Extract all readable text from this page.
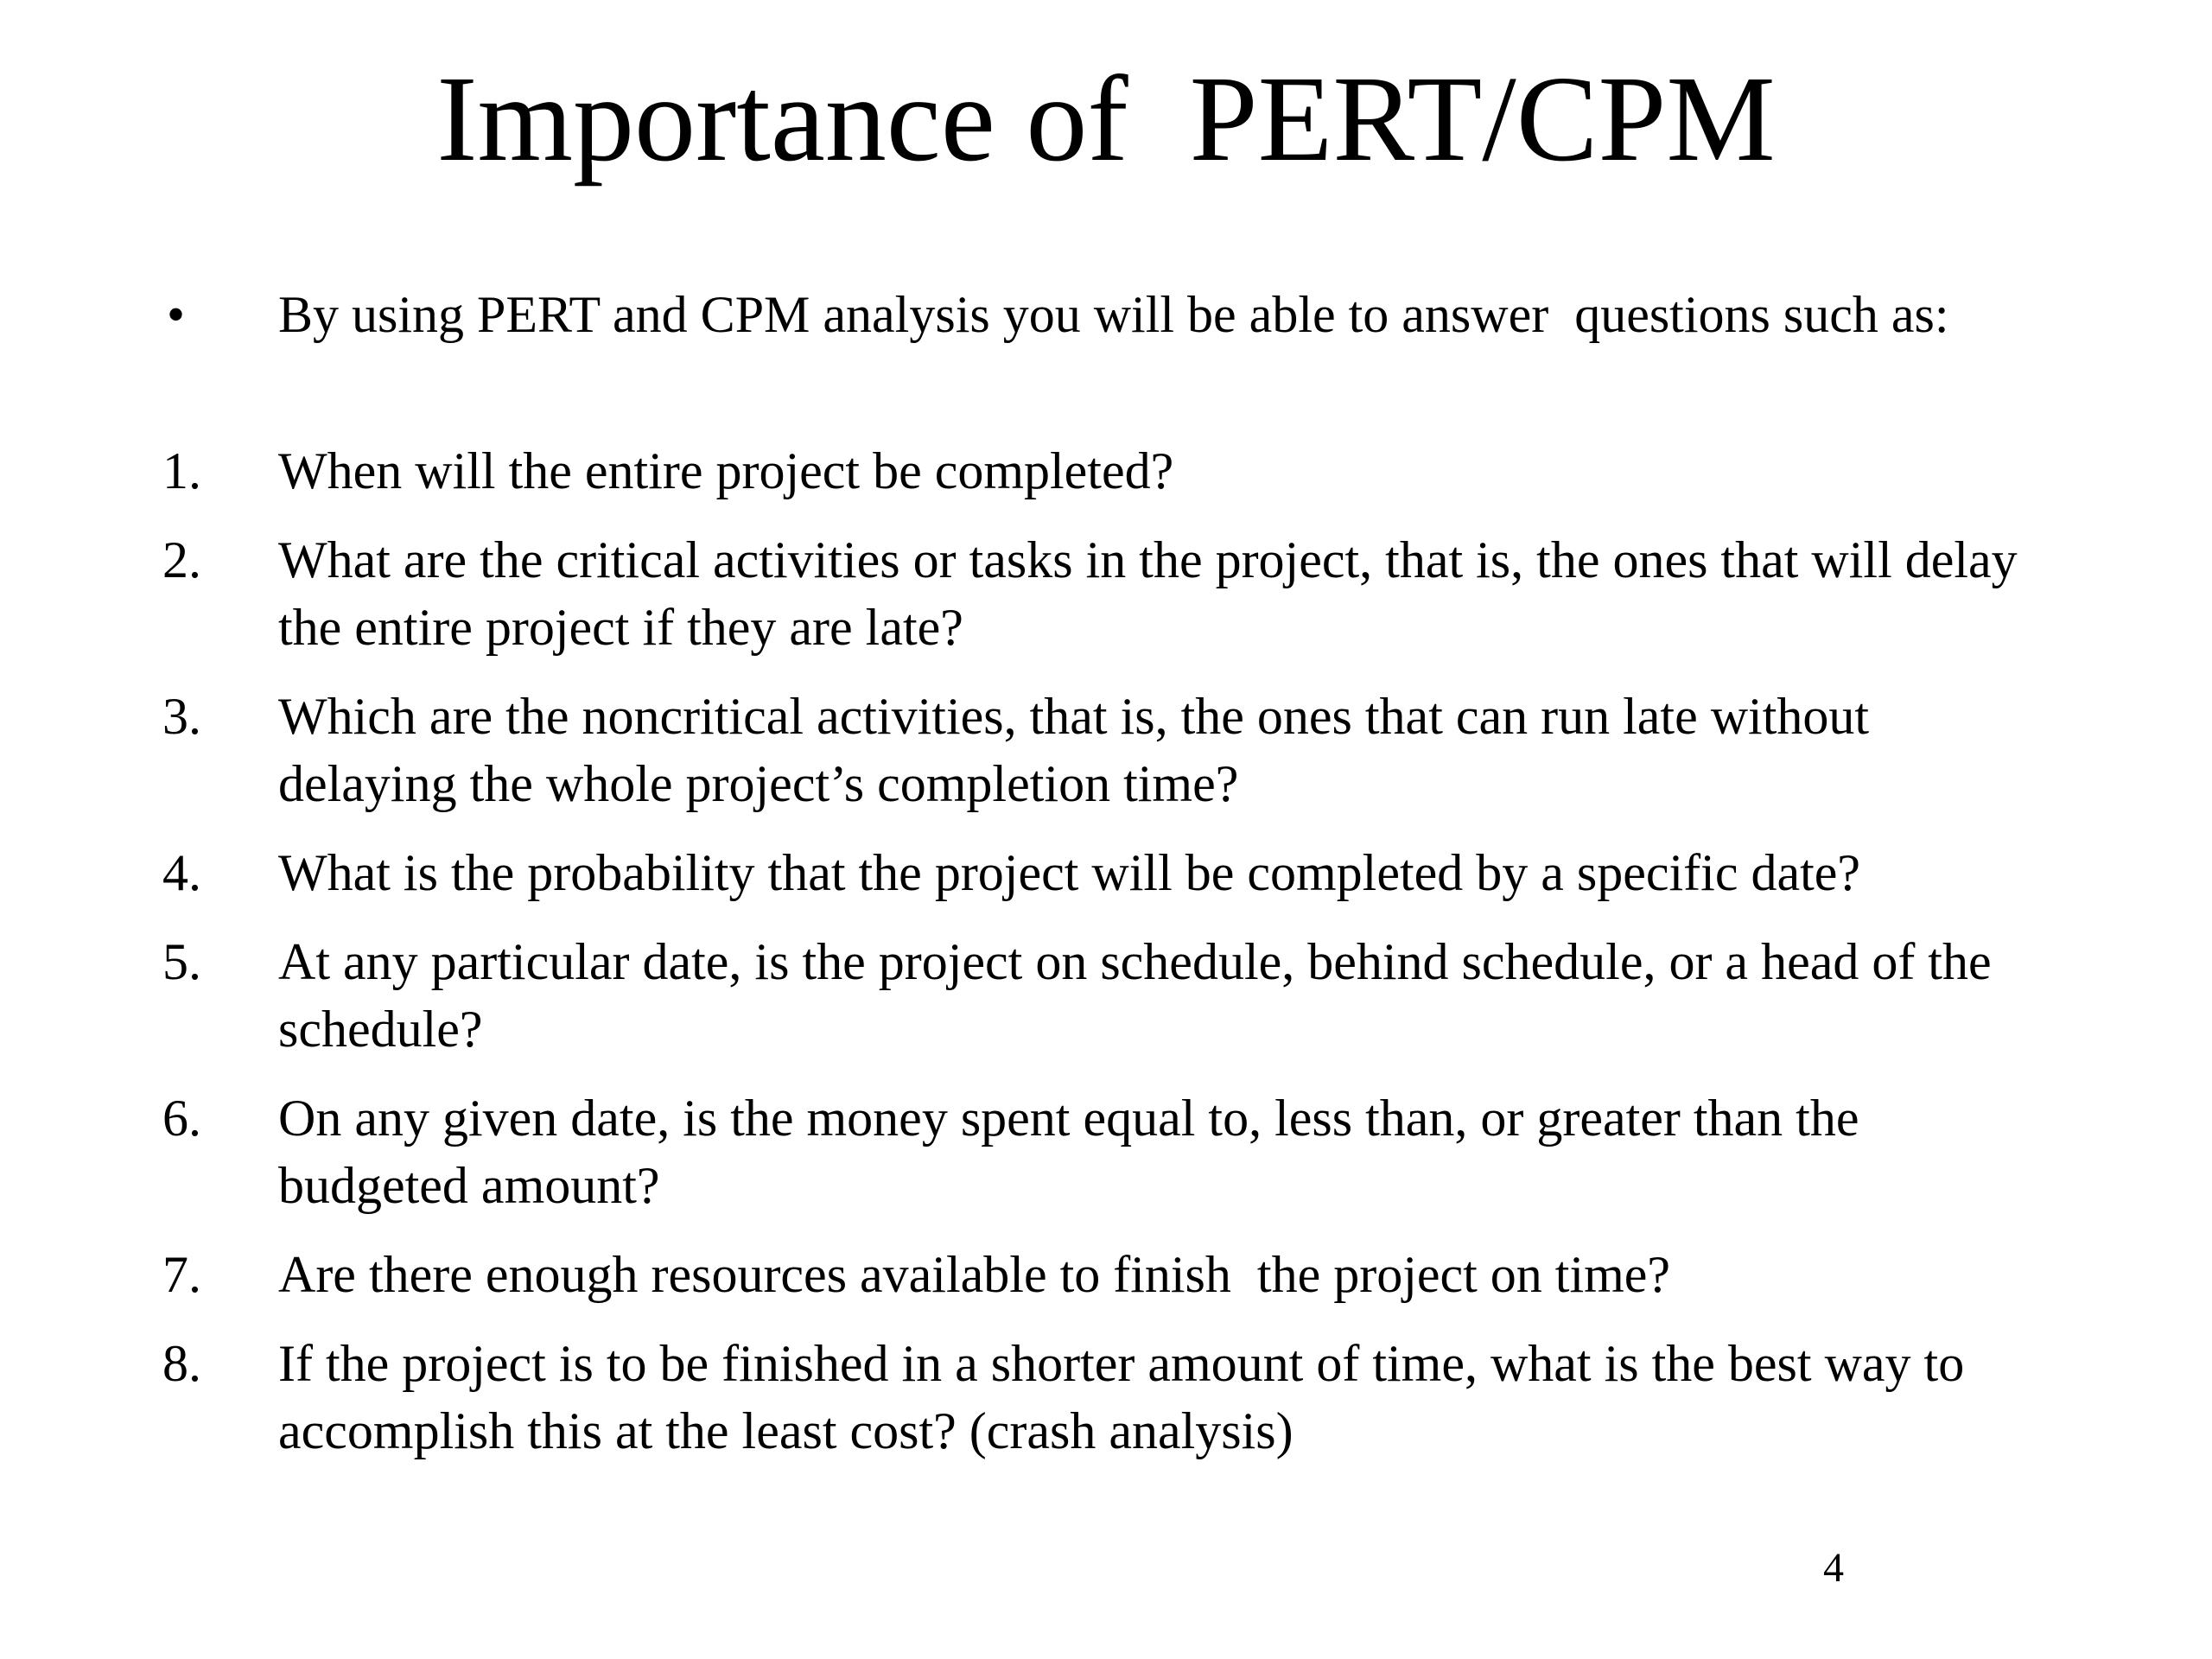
Importance of  PERT/CPM
• By using PERT and CPM analysis you will be able to answer  questions such as:
1. When will the entire project be completed?
2. What are the critical activities or tasks in the project, that is, the ones that will delay the entire project if they are late?
3. Which are the noncritical activities, that is, the ones that can run late without delaying the whole project’s completion time?
4. What is the probability that the project will be completed by a specific date?
5. At any particular date, is the project on schedule, behind schedule, or a head of the schedule?
6. On any given date, is the money spent equal to, less than, or greater than the budgeted amount?
7. Are there enough resources available to finish  the project on time?
8. If the project is to be finished in a shorter amount of time, what is the best way to accomplish this at the least cost? (crash analysis)
4
